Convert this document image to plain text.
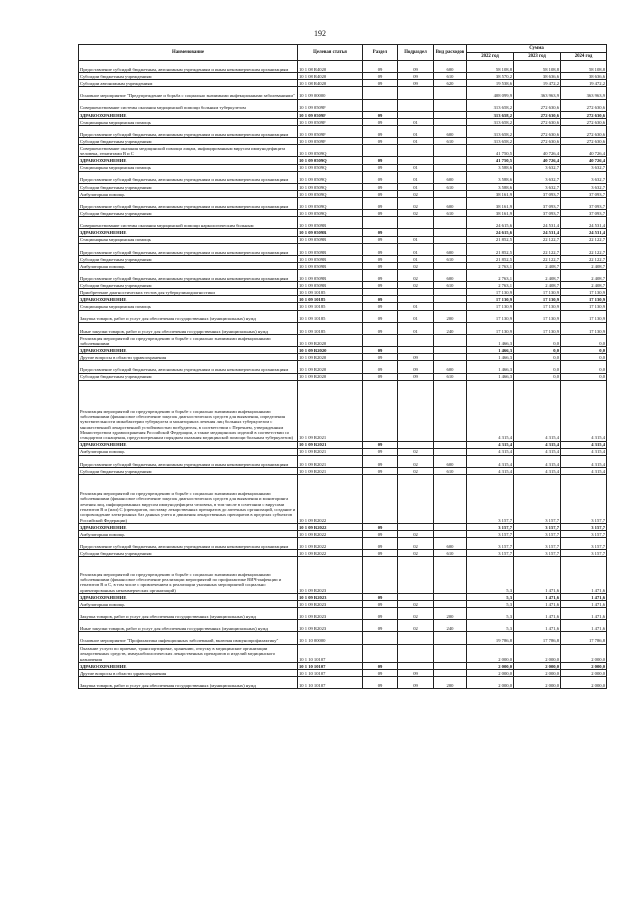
192
Наименование	Целевая статья	Раздел	Подраздел	Вид расходов	Сумма		
					2022 год	2023 год	2024 год
Предоставление субсидий бюджетным, автономным учреждениям и иным некоммерческим организациям	10 1 08 R4020	09	09	600	58 108,8	58 108,8	58 108,8
Субсидии бюджетным учреждениям	10 1 08 R4020	09	09	610	38 570,2	38 636,6	38 636,6
Субсидии автономным учреждениям	10 1 08 R4020	09	09	620	19 538,6	19 472,2	19 472,2
Основное мероприятие "Предупреждение и борьба с социально значимыми инфекционными заболеваниями"	10 1 09 00000				408 099,9	363 963,9	363 963,9
Совершенствование системы оказания медицинской помощи больным туберкулезом	10 1 09 0509F				313 658,2	272 630,6	272 630,6
ЗДРАВООХРАНЕНИЕ	10 1 09 0509F	09			313 658,2	272 630,6	272 630,6
Стационарная медицинская помощь	10 1 09 0509F	09	01		313 658,2	272 630,6	272 630,6
Предоставление субсидий бюджетным, автономным учреждениям и иным некоммерческим организациям	10 1 09 0509F	09	01	600	313 658,2	272 630,6	272 630,6
Субсидии бюджетным учреждениям	10 1 09 0509F	09	01	610	313 658,2	272 630,6	272 630,6
Совершенствование оказания медицинской помощи лицам, инфицированным вирусом иммунодефицита человека, гепатитами В и С	10 1 09 0509Q				41 750,5	40 726,4	40 726,4
ЗДРАВООХРАНЕНИЕ	10 1 09 0509Q	09			41 750,5	40 726,4	40 726,4
Стационарная медицинская помощь	10 1 09 0509Q	09	01		3 588,6	3 632,7	3 632,7
Предоставление субсидий бюджетным, автономным учреждениям и иным некоммерческим организациям	10 1 09 0509Q	09	01	600	3 588,6	3 632,7	3 632,7
Субсидии бюджетным учреждениям	10 1 09 0509Q	09	01	610	3 588,6	3 632,7	3 632,7
Амбулаторная помощь	10 1 09 0509Q	09	02		38 161,9	37 093,7	37 093,7
Предоставление субсидий бюджетным, автономным учреждениям и иным некоммерческим организациям	10 1 09 0509Q	09	02	600	38 161,9	37 093,7	37 093,7
Субсидии бюджетным учреждениям	10 1 09 0509Q	09	02	610	38 161,9	37 093,7	37 093,7
Совершенствование системы оказания медицинской помощи наркологическим больным	10 1 09 0509R				24 615,6	24 531,4	24 531,4
ЗДРАВООХРАНЕНИЕ	10 1 09 0509R	09			24 615,6	24 531,4	24 531,4
Стационарная медицинская помощь	10 1 09 0509R	09	01		21 852,5	22 122,7	22 122,7
Предоставление субсидий бюджетным, автономным учреждениям и иным некоммерческим организациям	10 1 09 0509R	09	01	600	21 852,5	22 122,7	22 122,7
Субсидии бюджетным учреждениям	10 1 09 0509R	09	01	610	21 852,5	22 122,7	22 122,7
Амбулаторная помощь	10 1 09 0509R	09	02		2 763,1	2 408,7	2 408,7
Предоставление субсидий бюджетным, автономным учреждениям и иным некоммерческим организациям	10 1 09 0509R	09	02	600	2 763,1	2 408,7	2 408,7
Субсидии бюджетным учреждениям	10 1 09 0509R	09	02	610	2 763,1	2 408,7	2 408,7
Приобретение диагностических тестов для туберкулинодиагностики	10 1 09 10185				17 130,9	17 130,9	17 130,9
ЗДРАВООХРАНЕНИЕ	10 1 09 10185	09			17 130,9	17 130,9	17 130,9
Стационарная медицинская помощь	10 1 09 10185	09	01		17 130,9	17 130,9	17 130,9
Закупка товаров, работ и услуг для обеспечения государственных (муниципальных) нужд	10 1 09 10185	09	01	200	17 130,9	17 130,9	17 130,9
Иные закупки товаров, работ и услуг для обеспечения государственных (муниципальных) нужд	10 1 09 10185	09	01	240	17 130,9	17 130,9	17 130,9
Реализация мероприятий по предупреждению и борьбе с социально значимыми инфекционными заболеваниями	10 1 09 R2020				1 466,3	0,0	0,0
ЗДРАВООХРАНЕНИЕ	10 1 09 R2020	09			1 466,3	0,0	0,0
Другие вопросы в области здравоохранения	10 1 09 R2020	09	09		1 466,3	0,0	0,0
Предоставление субсидий бюджетным, автономным учреждениям и иным некоммерческим организациям	10 1 09 R2020	09	09	600	1 466,3	0,0	0,0
Субсидии бюджетным учреждениям	10 1 09 R2020	09	09	610	1 466,3	0,0	0,0
Реализация мероприятий по предупреждению и борьбе с социально значимыми инфекционными заболеваниями (финансовое обеспечение закупок диагностических средств для выявления, определения чувствительности микобактерии туберкулеза и мониторинга лечения лиц больных туберкулезом с множественной лекарственной устойчивостью возбудителя, в соответствии с Перечнем, утвержденным Министерством здравоохранения Российской Федерации, а также медицинских изделий в соответствии со стандартом оснащения, предусмотренным порядком оказания медицинской помощи больным туберкулезом)	10 1 09 R2021				4 315,4	4 315,4	4 315,4
ЗДРАВООХРАНЕНИЕ	10 1 09 R2021	09			4 315,4	4 315,4	4 315,4
Амбулаторная помощь	10 1 09 R2021	09	02		4 315,4	4 315,4	4 315,4
Предоставление субсидий бюджетным, автономным учреждениям и иным некоммерческим организациям	10 1 09 R2021	09	02	600	4 315,4	4 315,4	4 315,4
Субсидии бюджетным учреждениям	10 1 09 R2021	09	02	610	4 315,4	4 315,4	4 315,4
Реализация мероприятий по предупреждению и борьбе с социально значимыми инфекционными заболеваниями (финансовое обеспечение закупок диагностических средств для выявления и мониторинга лечения лиц, инфицированных вирусом иммунодефицита человека, в том числе в сочетании с вирусами гепатитов В и (или) С (препаратов, поставку лекарственных препаратов до аптечных организаций, создание и сопровождение электронных баз данных учета и движения лекарственных препаратов в пределах субъектов Российской Федерации)	10 1 09 R2022				3 157,7	3 157,7	3 157,7
ЗДРАВООХРАНЕНИЕ	10 1 09 R2022	09			3 157,7	3 157,7	3 157,7
Амбулаторная помощь	10 1 09 R2022	09	02		3 157,7	3 157,7	3 157,7
Предоставление субсидий бюджетным, автономным учреждениям и иным некоммерческим организациям	10 1 09 R2022	09	02	600	3 157,7	3 157,7	3 157,7
Субсидии бюджетным учреждениям	10 1 09 R2022	09	02	610	3 157,7	3 157,7	3 157,7
Реализация мероприятий по предупреждению и борьбе с социально значимыми инфекционными заболеваниями (финансовое обеспечение реализации мероприятий по профилактике ВИЧ-инфекции и гепатитов В и С, в том числе с привлечением к реализации указанных мероприятий социально ориентированных некоммерческих организаций)	10 1 09 R2023				5,3	1 471,6	1 471,6
ЗДРАВООХРАНЕНИЕ	10 1 09 R2023	09			5,3	1 471,6	1 471,6
Амбулаторная помощь	10 1 09 R2023	09	02		5,3	1 471,6	1 471,6
Закупка товаров, работ и услуг для обеспечения государственных (муниципальных) нужд	10 1 09 R2023	09	02	200	5,3	1 471,6	1 471,6
Иные закупки товаров, работ и услуг для обеспечения государственных (муниципальных) нужд	10 1 09 R2023	09	02	240	5,3	1 471,6	1 471,6
Основное мероприятие "Профилактика инфекционных заболеваний, включая иммунопрофилактику"	10 1 10 00000				19 786,8	17 786,8	17 786,8
Оказание услуги по приемке, транспортировке, хранению, отпуску в медицинские организации лекарственных средств, иммунобиологических лекарственных препаратов и изделий медицинского назначения	10 1 10 10107				2 000,0	2 000,0	2 000,0
ЗДРАВООХРАНЕНИЕ	10 1 10 10107	09			2 000,0	2 000,0	2 000,0
Другие вопросы в области здравоохранения	10 1 10 10107	09	09		2 000,0	2 000,0	2 000,0
Закупка товаров, работ и услуг для обеспечения государственных (муниципальных) нужд	10 1 10 10107	09	09	200	2 000,0	2 000,0	2 000,0
